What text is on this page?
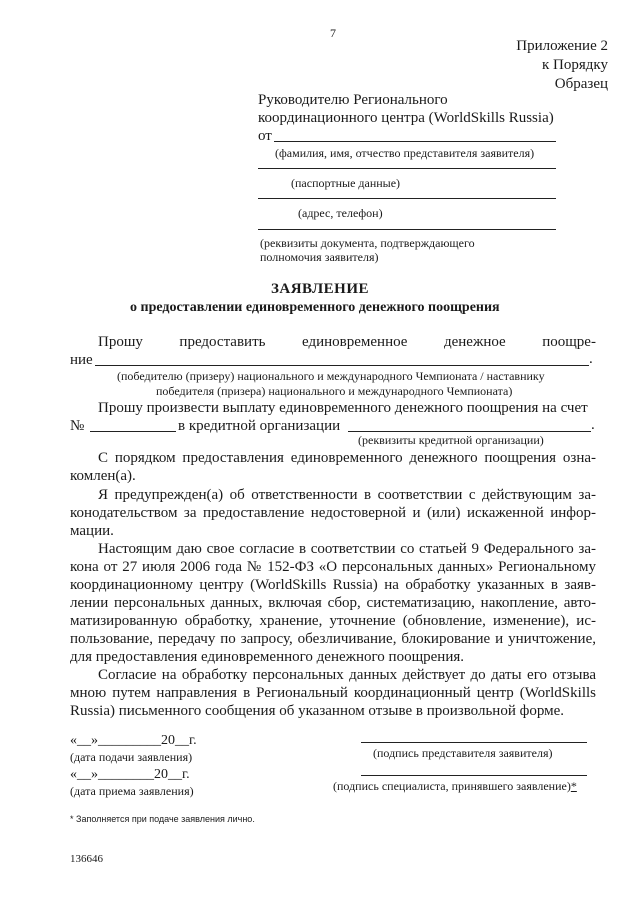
7
Приложение 2
к Порядку
Образец
Руководителю Регионального
координационного центра (WorldSkills Russia)
от
(фамилия, имя, отчество представителя заявителя)
(паспортные данные)
(адрес, телефон)
(реквизиты документа, подтверждающего
полномочия заявителя)
ЗАЯВЛЕНИЕ
о предоставлении единовременного денежного поощрения
Прошу предоставить единовременное денежное поощре-
ние	.
(победителю (призеру) национального и международного Чемпионата / наставнику
победителя (призера) национального и международного Чемпионата)
Прошу произвести выплату единовременного денежного поощрения на счет
№	в кредитной организации	.
(реквизиты кредитной организации)
С порядком предоставления единовременного денежного поощрения озна-
комлен(а).
Я предупрежден(а) об ответственности в соответствии с действующим за-
конодательством за предоставление недостоверной и (или) искаженной инфор-
мации.
Настоящим даю свое согласие в соответствии со статьей 9 Федерального за-
кона от 27 июля 2006 года № 152-ФЗ «О персональных данных» Региональному
координационному центру (WorldSkills Russia) на обработку указанных в заяв-
лении персональных данных, включая сбор, систематизацию, накопление, авто-
матизированную обработку, хранение, уточнение (обновление, изменение), ис-
пользование, передачу по запросу, обезличивание, блокирование и уничтожение,
для предоставления единовременного денежного поощрения.
Согласие на обработку персональных данных действует до даты его отзыва
мною путем направления в Региональный координационный центр (WorldSkills
Russia) письменного сообщения об указанном отзыве в произвольной форме.
«__»_________20__г.
(дата подачи заявления)
«__»________20__г.
(дата приема заявления)
(подпись представителя заявителя)
(подпись специалиста, принявшего заявление)*
* Заполняется при подаче заявления лично.
136646
